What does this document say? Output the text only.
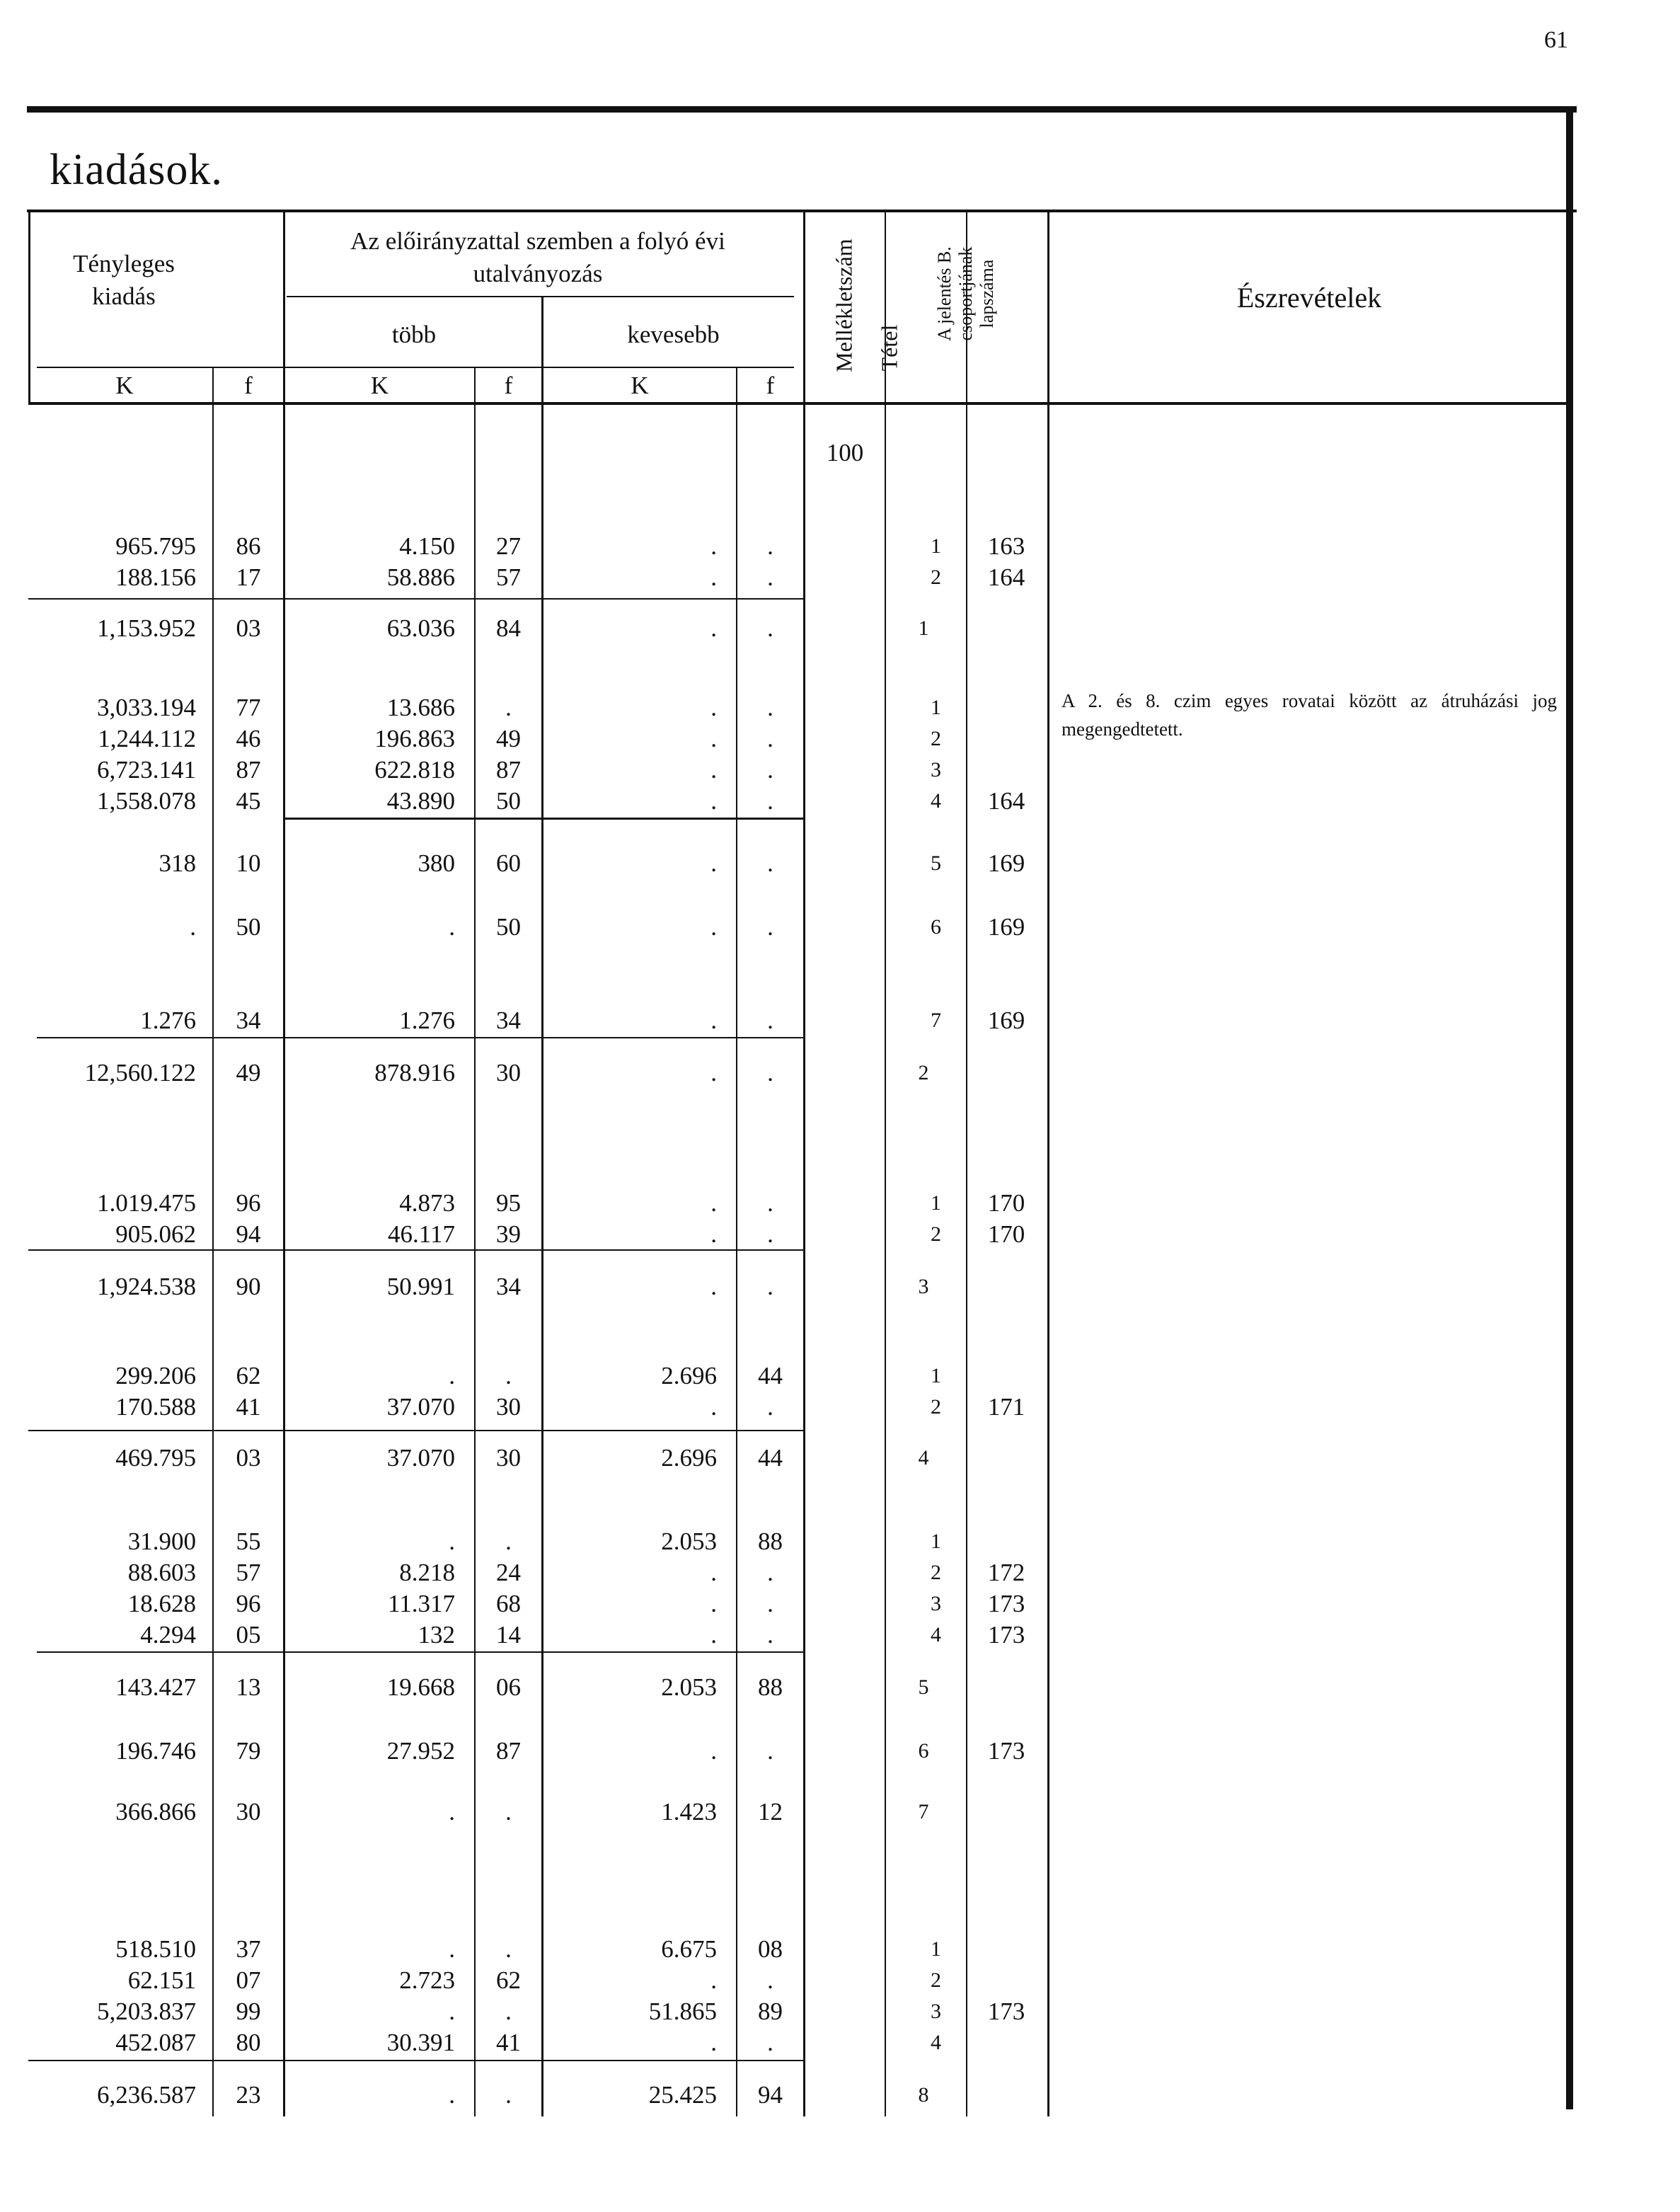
61
kiadások.
Tényleges
kiadás
Az előirányzattal szemben a folyó évi utalványozás
több	kevesebb
K	f	K	f	K	f
Mellékletszám Tétel
A jelentés B. csoportjának lapszáma	Észrevételek
100
965.795	86	4.150	27	.	.	1	163
188.156	17	58.886	57	.	.	2	164
1,153.952	03	63.036	84	.	.	1
3,033.194	77	13.686	.	.	.	1
1,244.112	46	196.863	49	.	.	2
6,723.141	87	622.818	87	.	.	3
1,558.078	45	43.890	50	.	.	4	164
318	10	380	60	.	.	5	169
.	50	.	50	.	.	6	169
1.276	34	1.276	34	.	.	7	169
12,560.122	49	878.916	30	.	.	2
1.019.475	96	4.873	95	.	.	1	170
905.062	94	46.117	39	.	.	2	170
1,924.538	90	50.991	34	.	.	3
299.206	62	.	.	2.696	44	1
170.588	41	37.070	30	.	.	2	171
469.795	03	37.070	30	2.696	44	4
31.900	55	.	.	2.053	88	1
88.603	57	8.218	24	.	.	2	172
18.628	96	11.317	68	.	.	3	173
4.294	05	132	14	.	.	4	173
143.427	13	19.668	06	2.053	88	5
196.746	79	27.952	87	.	.	6	173
366.866	30	.	.	1.423	12	7
518.510	37	.	.	6.675	08	1
62.151	07	2.723	62	.	.	2
5,203.837	99	.	.	51.865	89	3	173
452.087	80	30.391	41	.	.	4
6,236.587	23	.	.	25.425	94	8
A 2. és 8. czim egyes rovatai között az átruházási jog megengedtetett.
